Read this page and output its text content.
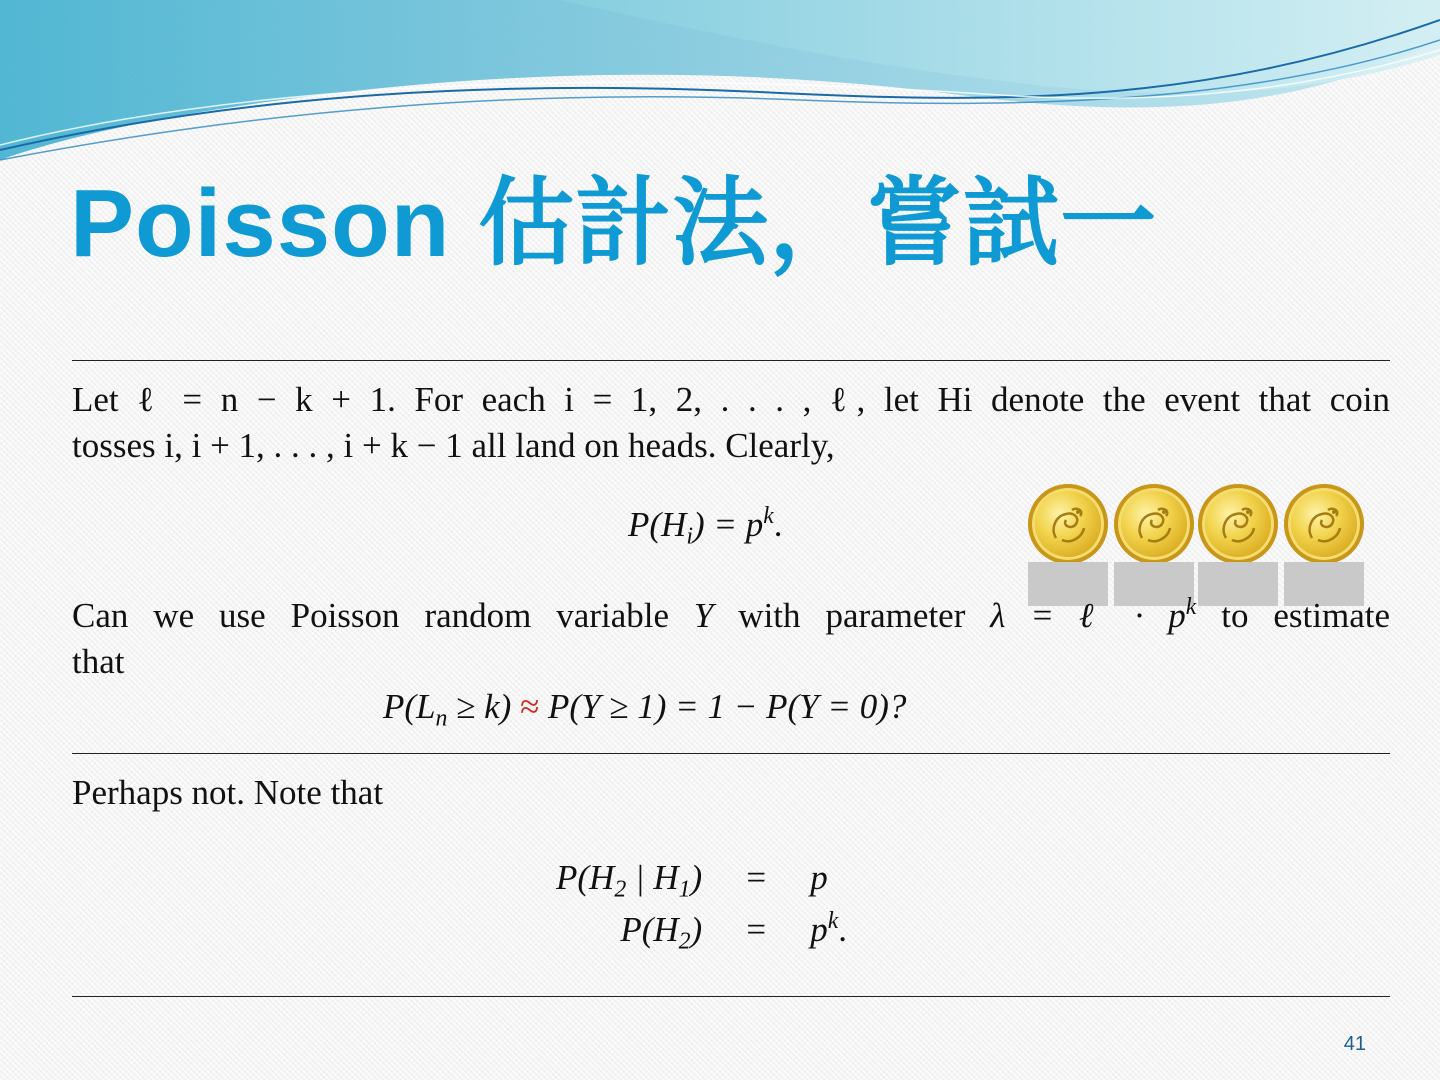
Poisson 估計法，嘗試一
Let ℓ = n − k + 1. For each i = 1, 2, . . . , ℓ, let Hi denote the event that coin
tosses i, i + 1, . . . , i + k − 1 all land on heads. Clearly,
$P(H_i) = p^k$.
Can we use Poisson random variable Y with parameter λ = ℓ · $p^k$ to estimate
that
$P(L_n \ge k) \approx P(Y \ge 1) = 1 - P(Y = 0)$?
Perhaps not. Note that
$P(H_2$ | $H_1$)	=	p
$P(H_2)$	=	$p^k$.
41
